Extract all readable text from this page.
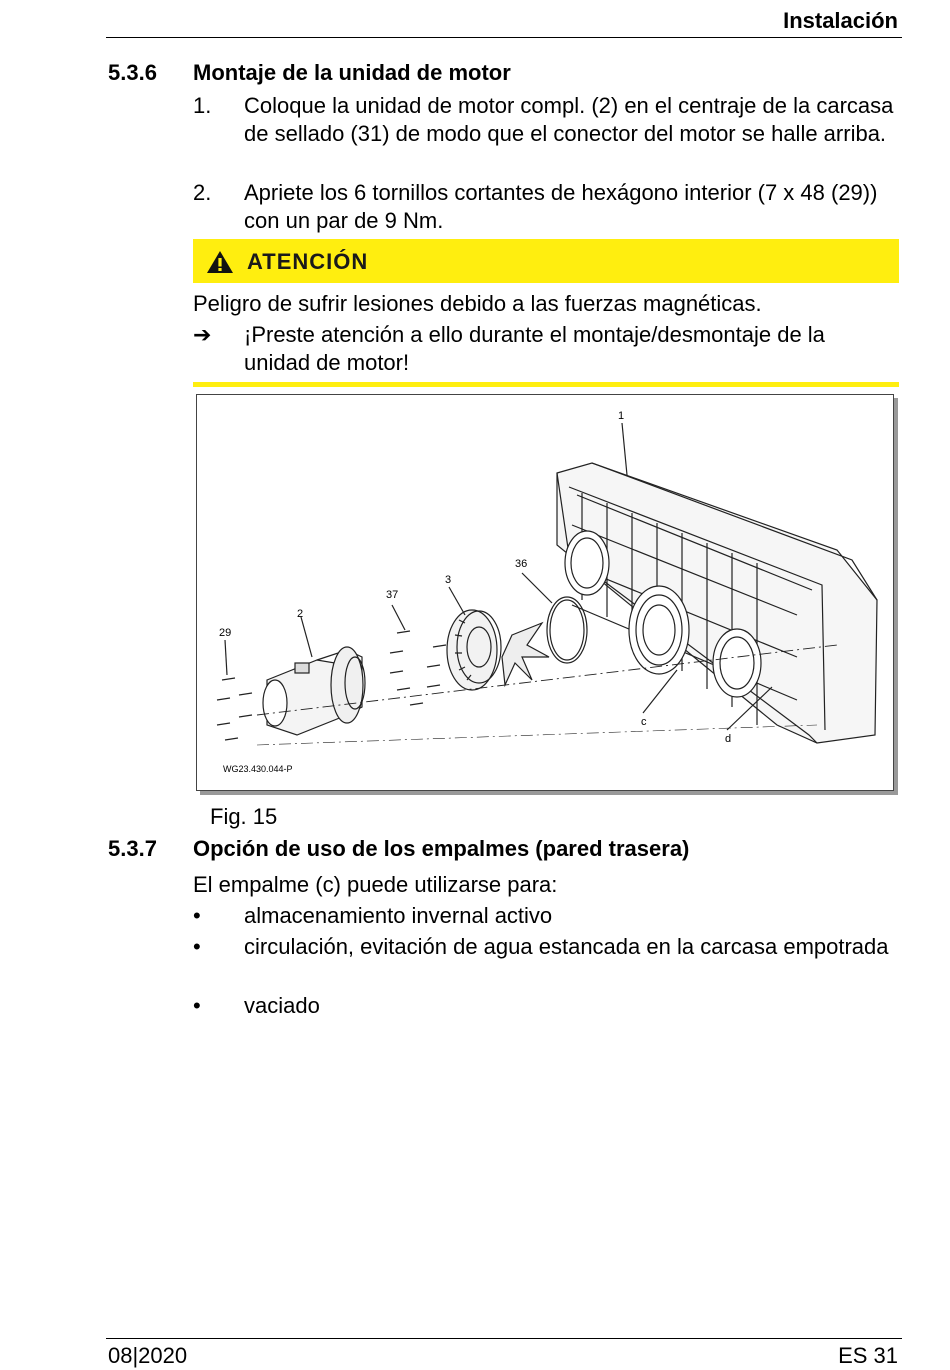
Instalación
5.3.6 Montaje de la unidad de motor
1. Coloque la unidad de motor compl. (2) en el centraje de la carcasa de sellado (31) de modo que el conector del motor se halle arriba.
2. Apriete los 6 tornillos cortantes de hexágono interior (7 x 48 (29)) con un par de 9 Nm.
ATENCIÓN
Peligro de sufrir lesiones debido a las fuerzas magnéticas.
➔ ¡Preste atención a ello durante el montaje/desmontaje de la unidad de motor!
1
2
3
29
36
37
c
d
WG23.430.044-P
Fig. 15
5.3.7 Opción de uso de los empalmes (pared trasera)
El empalme (c) puede utilizarse para:
• almacenamiento invernal activo
• circulación, evitación de agua estancada en la carcasa empotrada
• vaciado
08|2020	ES 31
